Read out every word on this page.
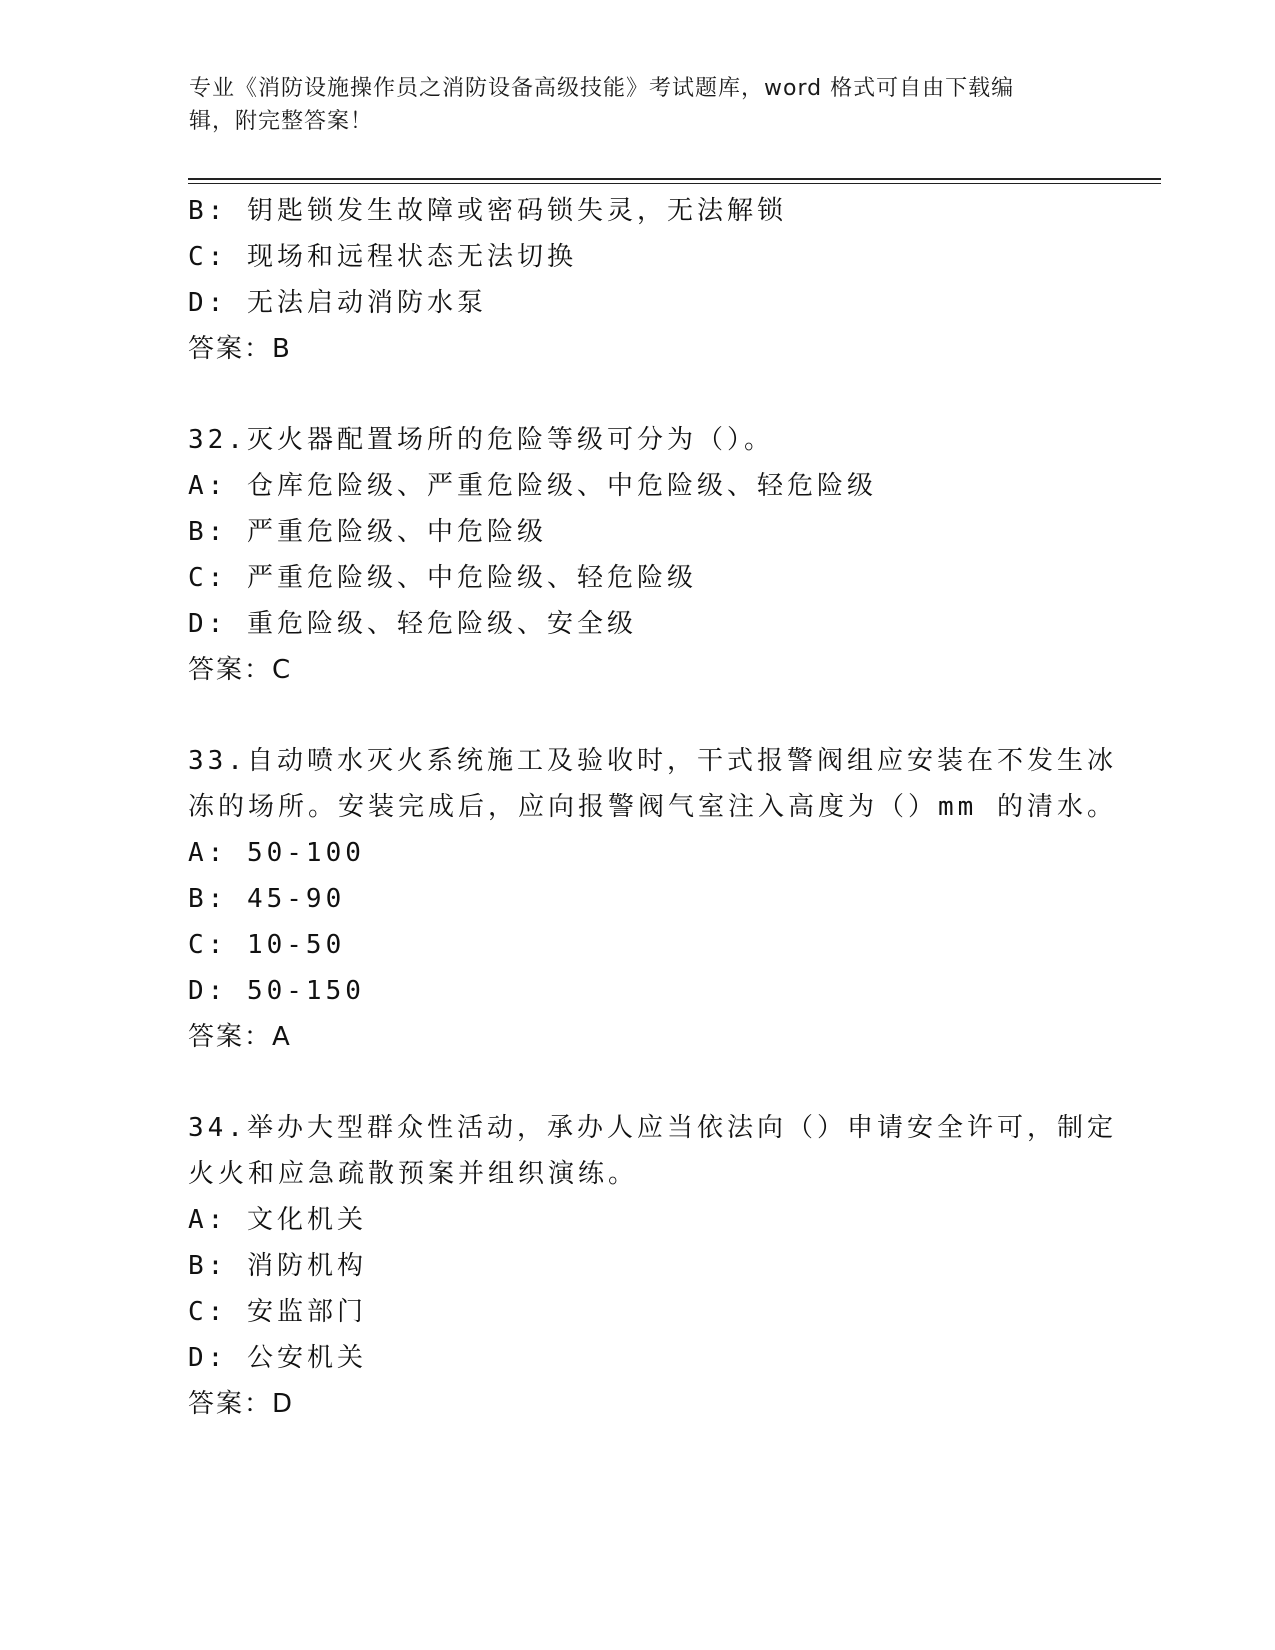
专业《消防设施操作员之消防设备高级技能》考试题库，word 格式可自由下载编
辑，附完整答案！
B: 钥匙锁发生故障或密码锁失灵，无法解锁
C: 现场和远程状态无法切换
D: 无法启动消防水泵
答案：B
32.灭火器配置场所的危险等级可分为（）。
A: 仓库危险级、严重危险级、中危险级、轻危险级
B: 严重危险级、中危险级
C: 严重危险级、中危险级、轻危险级
D: 重危险级、轻危险级、安全级
答案：C
33.自动喷水灭火系统施工及验收时，干式报警阀组应安装在不发生冰
冻的场所。安装完成后，应向报警阀气室注入高度为（）mm 的清水。
A: 50-100
B: 45-90
C: 10-50
D: 50-150
答案：A
34.举办大型群众性活动，承办人应当依法向（）申请安全许可，制定
火火和应急疏散预案并组织演练。
A: 文化机关
B: 消防机构
C: 安监部门
D: 公安机关
答案：D
